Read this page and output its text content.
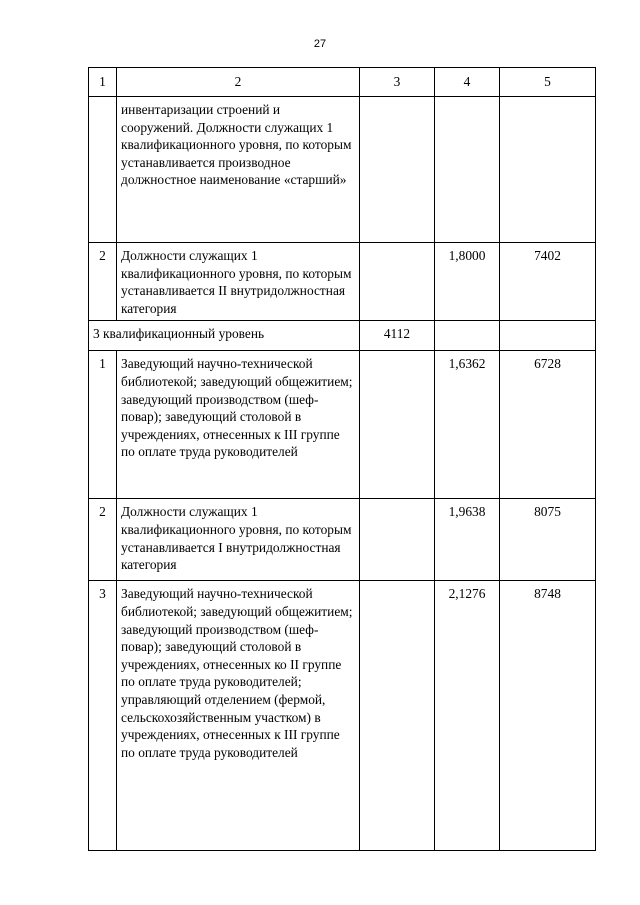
27
1	2	3	4	5
	инвентаризации строений и сооружений. Должности служащих 1 квалификационного уровня, по которым устанавливается производное должностное наименование «старший»			
2	Должности служащих 1 квалификационного уровня, по которым устанавливается II внутридолжностная категория		1,8000	7402
3 квалификационный уровень		4112		
1	Заведующий научно-технической библиотекой; заведующий общежитием; заведующий производством (шеф-повар); заведующий столовой в учреждениях, отнесенных к III группе по оплате труда руководителей		1,6362	6728
2	Должности служащих 1 квалификационного уровня, по которым устанавливается I внутридолжностная категория		1,9638	8075
3	Заведующий научно-технической библиотекой; заведующий общежитием; заведующий производством (шеф-повар); заведующий столовой в учреждениях, отнесенных ко II группе по оплате труда руководителей; управляющий отделением (фермой, сельскохозяйственным участком) в учреждениях, отнесенных к III группе по оплате труда руководителей		2,1276	8748
